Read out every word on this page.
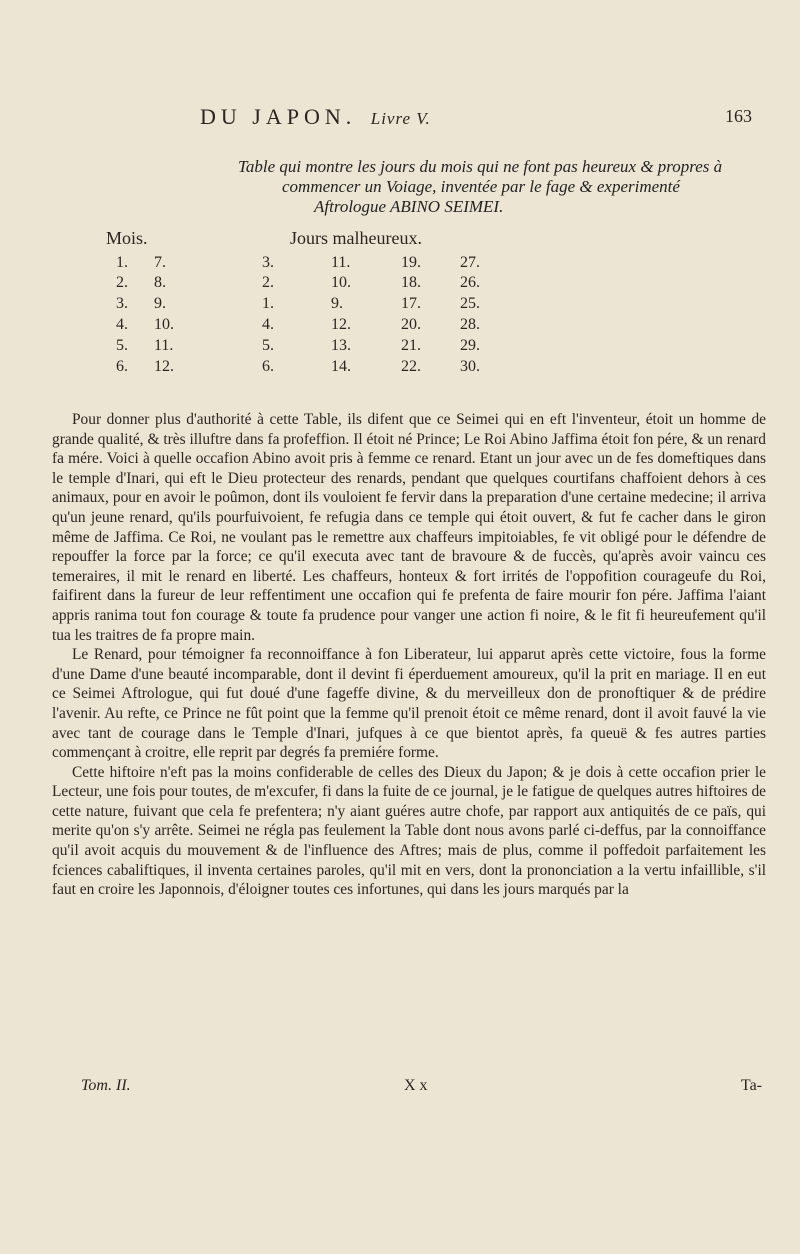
DU JAPON. Livre V.	163
Table qui montre les jours du mois qui ne font pas heureux & propres à
commencer un Voiage, inventée par le fage & experimenté
Aftrologue ABINO SEIMEI.
Mois.	Jours malheureux.
1. 7.	3.	11.	19. 27.
2. 8.	2.	10.	18. 26.
3. 9.	1.	9.	17. 25.
4. 10.	4.	12.	20. 28.
5. 11.	5.	13.	21. 29.
6. 12.	6.	14.	22. 30.

Pour donner plus d'authorité à cette Table, ils difent que ce Seimei qui en eft l'inventeur, étoit un homme de grande qualité, & très illuftre dans fa profeffion. Il étoit né Prince; Le Roi Abino Jaffima étoit fon pére, & un renard fa mére. Voici à quelle occafion Abino avoit pris à femme ce renard. Etant un jour avec un de fes domeftiques dans le temple d'Inari, qui eft le Dieu protecteur des renards, pendant que quelques courtifans chaffoient dehors à ces animaux, pour en avoir le poûmon, dont ils vouloient fe fervir dans la preparation d'une certaine medecine; il arriva qu'un jeune renard, qu'ils pourfuivoient, fe refugia dans ce temple qui étoit ouvert, & fut fe cacher dans le giron même de Jaffima. Ce Roi, ne voulant pas le remettre aux chaffeurs impitoiables, fe vit obligé pour le défendre de repouffer la force par la force; ce qu'il executa avec tant de bravoure & de fuccès, qu'après avoir vaincu ces temeraires, il mit le renard en liberté. Les chaffeurs, honteux & fort irrités de l'oppofition courageufe du Roi, faifirent dans la fureur de leur reffentiment une occafion qui fe prefenta de faire mourir fon pére. Jaffima l'aiant appris ranima tout fon courage & toute fa prudence pour vanger une action fi noire, & le fit fi heureufement qu'il tua les traitres de fa propre main.

Le Renard, pour témoigner fa reconnoiffance à fon Liberateur, lui apparut après cette victoire, fous la forme d'une Dame d'une beauté incomparable, dont il devint fi éperduement amoureux, qu'il la prit en mariage. Il en eut ce Seimei Aftrologue, qui fut doué d'une fageffe divine, & du merveilleux don de pronoftiquer & de prédire l'avenir. Au refte, ce Prince ne fût point que la femme qu'il prenoit étoit ce même renard, dont il avoit fauvé la vie avec tant de courage dans le Temple d'Inari, jufques à ce que bientot après, fa queuë & fes autres parties commençant à croitre, elle reprit par degrés fa premiére forme.

Cette hiftoire n'eft pas la moins confiderable de celles des Dieux du Japon; & je dois à cette occafion prier le Lecteur, une fois pour toutes, de m'excufer, fi dans la fuite de ce journal, je le fatigue de quelques autres hiftoires de cette nature, fuivant que cela fe prefentera; n'y aiant guéres autre chofe, par rapport aux antiquités de ce païs, qui merite qu'on s'y arrête. Seimei ne régla pas feulement la Table dont nous avons parlé ci-deffus, par la connoiffance qu'il avoit acquis du mouvement & de l'influence des Aftres; mais de plus, comme il poffedoit parfaitement les fciences cabaliftiques, il inventa certaines paroles, qu'il mit en vers, dont la prononciation a la vertu infaillible, s'il faut en croire les Japonnois, d'éloigner toutes ces infortunes, qui dans les jours marqués par la

Tom. II.	X x	Ta-
